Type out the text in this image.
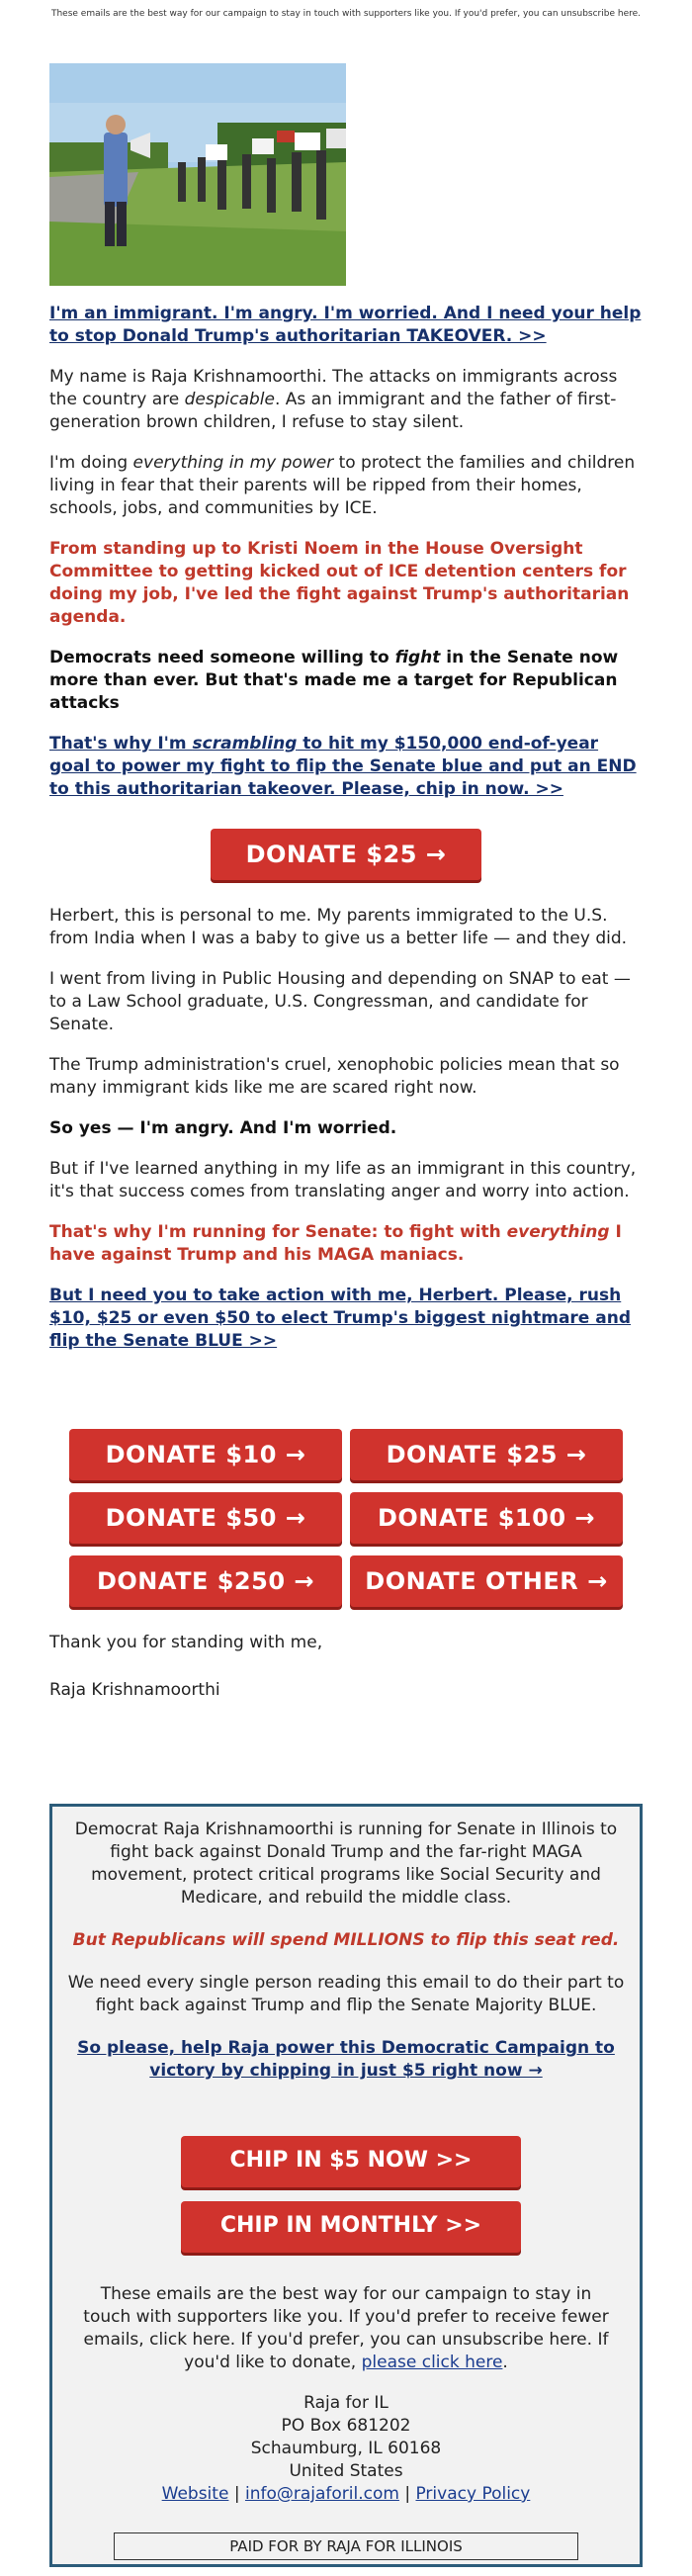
These emails are the best way for our campaign to stay in touch with supporters like you. If you'd prefer, you can unsubscribe here.

I'm an immigrant. I'm angry. I'm worried. And I need your help to stop Donald Trump's authoritarian TAKEOVER. >>

My name is Raja Krishnamoorthi. The attacks on immigrants across the country are despicable. As an immigrant and the father of first-generation brown children, I refuse to stay silent.

I'm doing everything in my power to protect the families and children living in fear that their parents will be ripped from their homes, schools, jobs, and communities by ICE.

From standing up to Kristi Noem in the House Oversight Committee to getting kicked out of ICE detention centers for doing my job, I've led the fight against Trump's authoritarian agenda.

Democrats need someone willing to fight in the Senate now more than ever. But that's made me a target for Republican attacks

That's why I'm scrambling to hit my $150,000 end-of-year goal to power my fight to flip the Senate blue and put an END to this authoritarian takeover. Please, chip in now. >>

DONATE $25 →

Herbert, this is personal to me. My parents immigrated to the U.S. from India when I was a baby to give us a better life — and they did.

I went from living in Public Housing and depending on SNAP to eat — to a Law School graduate, U.S. Congressman, and candidate for Senate.

The Trump administration's cruel, xenophobic policies mean that so many immigrant kids like me are scared right now.

So yes — I'm angry. And I'm worried.

But if I've learned anything in my life as an immigrant in this country, it's that success comes from translating anger and worry into action.

That's why I'm running for Senate: to fight with everything I have against Trump and his MAGA maniacs.

But I need you to take action with me, Herbert. Please, rush $10, $25 or even $50 to elect Trump's biggest nightmare and flip the Senate BLUE >>

DONATE $10 →	DONATE $25 →
DONATE $50 →	DONATE $100 →
DONATE $250 →	DONATE OTHER →

Thank you for standing with me,

Raja Krishnamoorthi

Democrat Raja Krishnamoorthi is running for Senate in Illinois to fight back against Donald Trump and the far-right MAGA movement, protect critical programs like Social Security and Medicare, and rebuild the middle class.

But Republicans will spend MILLIONS to flip this seat red.

We need every single person reading this email to do their part to fight back against Trump and flip the Senate Majority BLUE.

So please, help Raja power this Democratic Campaign to victory by chipping in just $5 right now →

CHIP IN $5 NOW >>
CHIP IN MONTHLY >>
These emails are the best way for our campaign to stay in touch with supporters like you. If you'd prefer to receive fewer emails, click here. If you'd prefer, you can unsubscribe here. If you'd like to donate, please click here.
Raja for IL
PO Box 681202
Schaumburg, IL 60168
United States
Website | info@rajaforil.com | Privacy Policy
PAID FOR BY RAJA FOR ILLINOIS
